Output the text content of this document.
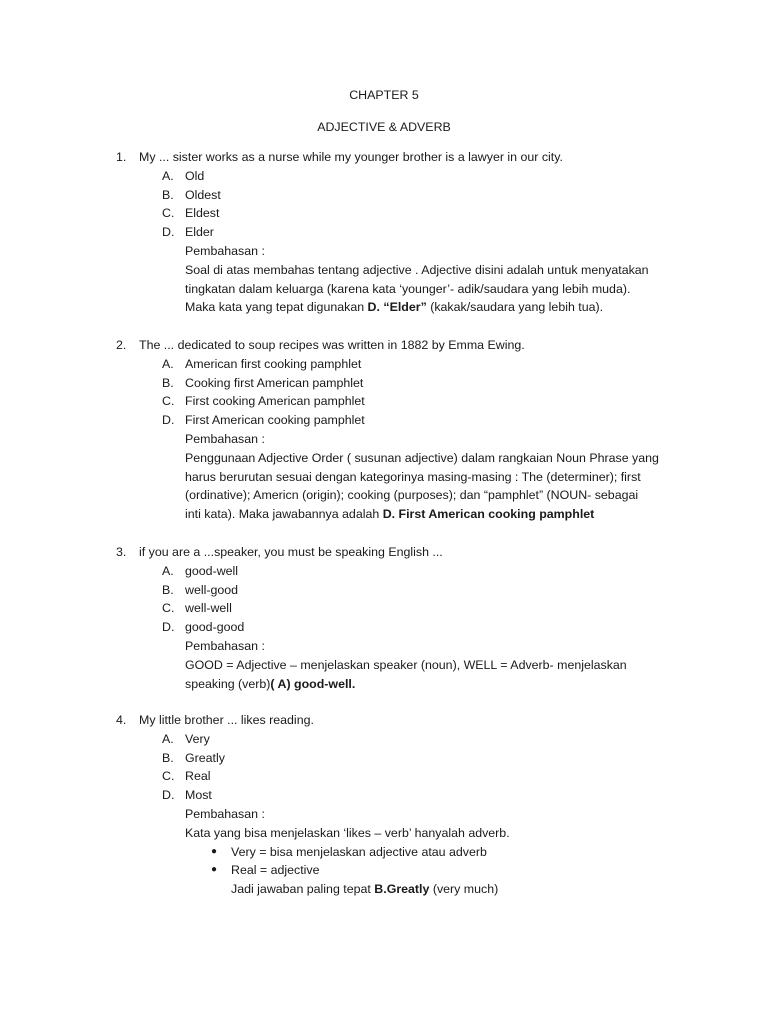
CHAPTER 5
ADJECTIVE & ADVERB
1. My ... sister works as a nurse while my younger brother is a lawyer in our city.
A. Old
B. Oldest
C. Eldest
D. Elder
Pembahasan :
Soal di atas membahas tentang adjective . Adjective disini adalah untuk menyatakan
tingkatan dalam keluarga (karena kata ‘younger’- adik/saudara yang lebih muda).
Maka kata yang tepat digunakan D. “Elder” (kakak/saudara yang lebih tua).
2. The ... dedicated to soup recipes was written in 1882 by Emma Ewing.
A. American first cooking pamphlet
B. Cooking first American pamphlet
C. First cooking American pamphlet
D. First American cooking pamphlet
Pembahasan :
Penggunaan Adjective Order ( susunan adjective) dalam rangkaian Noun Phrase yang
harus berurutan sesuai dengan kategorinya masing-masing : The (determiner); first
(ordinative); Americn (origin); cooking (purposes); dan “pamphlet” (NOUN- sebagai
inti kata). Maka jawabannya adalah D. First American cooking pamphlet
3. if you are a ...speaker, you must be speaking English ...
A. good-well
B. well-good
C. well-well
D. good-good
Pembahasan :
GOOD = Adjective – menjelaskan speaker (noun), WELL = Adverb- menjelaskan
speaking (verb)( A) good-well.
4. My little brother ... likes reading.
A. Very
B. Greatly
C. Real
D. Most
Pembahasan :
Kata yang bisa menjelaskan ‘likes – verb’ hanyalah adverb.
● Very = bisa menjelaskan adjective atau adverb
● Real = adjective
Jadi jawaban paling tepat B.Greatly (very much)
